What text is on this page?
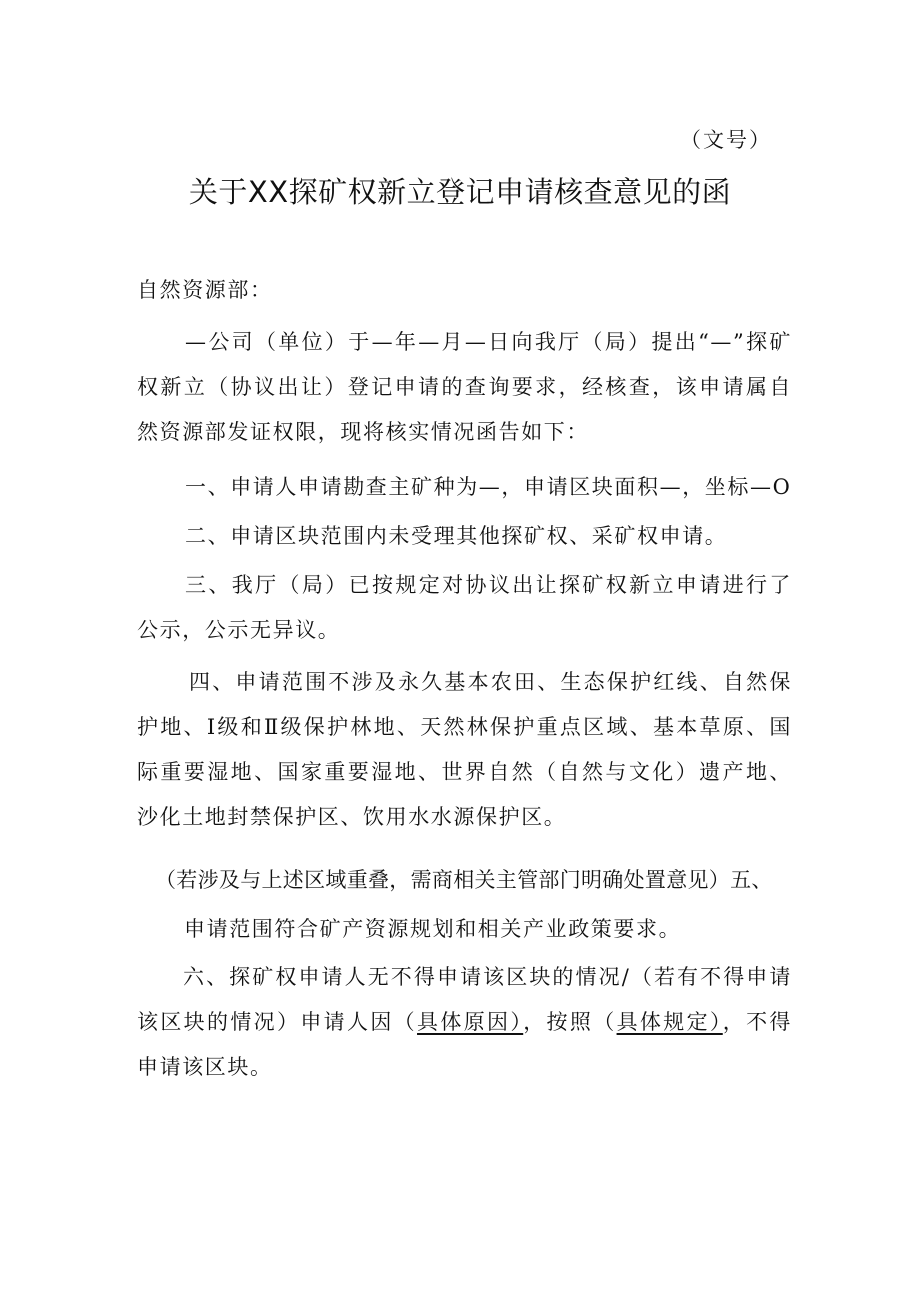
（文号）
关于XX探矿权新立登记申请核查意见的函
自然资源部：
—公司（单位）于—年—月—日向我厅（局）提出“—”探矿权新立（协议出让）登记申请的查询要求，经核查，该申请属自然资源部发证权限，现将核实情况函告如下：
一、申请人申请勘查主矿种为—，申请区块面积—，坐标—O
二、申请区块范围内未受理其他探矿权、采矿权申请。
三、我厅（局）已按规定对协议出让探矿权新立申请进行了公示，公示无异议。
四、申请范围不涉及永久基本农田、生态保护红线、自然保护地、Ⅰ级和Ⅱ级保护林地、天然林保护重点区域、基本草原、国际重要湿地、国家重要湿地、世界自然（自然与文化）遗产地、沙化土地封禁保护区、饮用水水源保护区。
（若涉及与上述区域重叠，需商相关主管部门明确处置意见）五、
申请范围符合矿产资源规划和相关产业政策要求。
六、探矿权申请人无不得申请该区块的情况/（若有不得申请该区块的情况）申请人因（具体原因），按照（具体规定），不得申请该区块。
